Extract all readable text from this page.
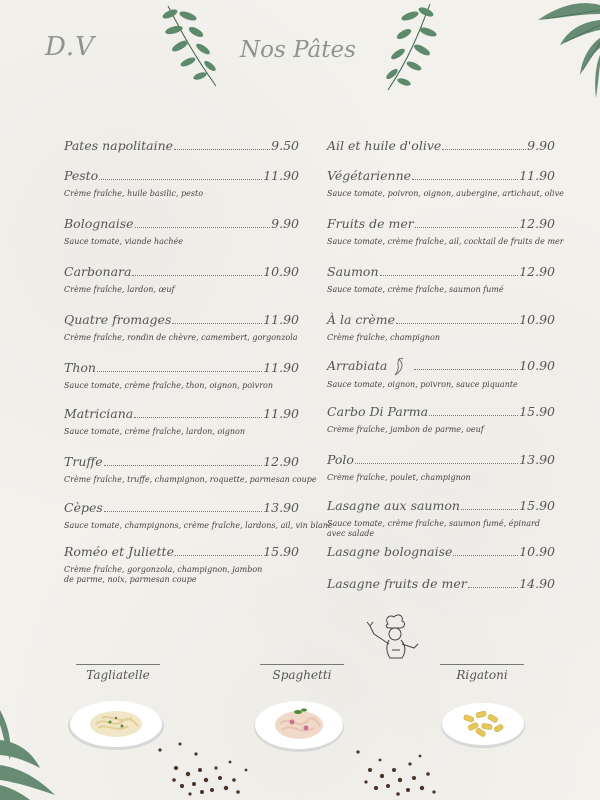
D.V	Nos Pâtes
Pates napolitaine	9.50
Pesto	11.90
Crème fraîche, huile basilic, pesto
Bolognaise	9.90
Sauce tomate, viande hachée
Carbonara	10.90
Crème fraîche, lardon, œuf
Quatre fromages	11.90
Crème fraîche, rondin de chèvre, camembert, gorgonzola
Thon	11.90
Sauce tomate, crème fraîche, thon, oignon, poivron
Matriciana	11.90
Sauce tomate, crème fraîche, lardon, oignon
Truffe	12.90
Crème fraîche, truffe, champignon, roquette, parmesan coupe
Cèpes	13.90
Sauce tomate, champignons, crème fraîche, lardons, ail, vin blanc
Roméo et Juliette	15.90
Crème fraîche, gorgonzola, champignon, jambon
de parme, noix, parmesan coupe
Ail et huile d'olive	9.90
Végétarienne	11.90
Sauce tomate, poivron, oignon, aubergine, artichaut, olive
Fruits de mer	12.90
Sauce tomate, crème fraîche, ail, cocktail de fruits de mer
Saumon	12.90
Sauce tomate, crème fraîche, saumon fumé
À la crème	10.90
Crème fraîche, champignon
Arrabiata	10.90
Sauce tomate, oignon, poivron, sauce piquante
Carbo Di Parma	15.90
Crème fraîche, jambon de parme, oeuf
Polo	13.90
Crème fraîche, poulet, champignon
Lasagne aux saumon	15.90
Sauce tomate, crème fraîche, saumon fumé, épinard
avec salade
Lasagne bolognaise	10.90
Lasagne fruits de mer	14.90
Tagliatelle	Spaghetti	Rigatoni
